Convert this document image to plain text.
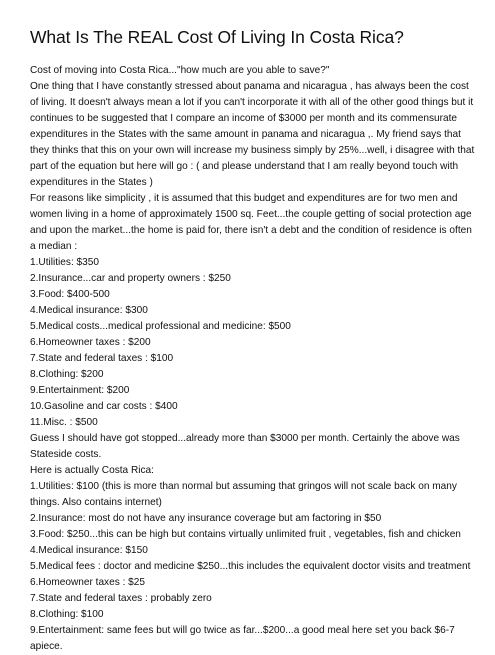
What Is The REAL Cost Of Living In Costa Rica?

Cost of moving into Costa Rica..."how much are you able to save?"

One thing that I have constantly stressed about panama and nicaragua , has always been the cost of living. It doesn't always mean a lot if you can't incorporate it with all of the other good things but it continues to be suggested that I compare an income of $3000 per month and its commensurate expenditures in the States with the same amount in panama and nicaragua ,. My friend says that they thinks that this on your own will increase my business simply by 25%...well, i disagree with that part of the equation but here will go : ( and please understand that I am really beyond touch with expenditures in the States )

For reasons like simplicity , it is assumed that this budget and expenditures are for two men and women living in a home of approximately 1500 sq. Feet...the couple getting of social protection age and upon the market...the home is paid for, there isn't a debt and the condition of residence is often a median :

1.Utilities: $350

2.Insurance...car and property owners : $250

3.Food: $400-500

4.Medical insurance: $300

5.Medical costs...medical professional and medicine: $500

6.Homeowner taxes : $200

7.State and federal taxes : $100

8.Clothing: $200

9.Entertainment: $200

10.Gasoline and car costs : $400

11.Misc. : $500

Guess I should have got stopped...already more than $3000 per month. Certainly the above was Stateside costs.

Here is actually Costa Rica:

1.Utilities: $100 (this is more than normal but assuming that gringos will not scale back on many things. Also contains internet)

2.Insurance: most do not have any insurance coverage but am factoring in $50

3.Food: $250...this can be high but contains virtually unlimited fruit , vegetables, fish and chicken

4.Medical insurance: $150

5.Medical fees : doctor and medicine $250...this includes the equivalent doctor visits and treatment

6.Homeowner taxes : $25

7.State and federal taxes : probably zero

8.Clothing: $100

9.Entertainment: same fees but will go twice as far...$200...a good meal here set you back $6-7 apiece.
